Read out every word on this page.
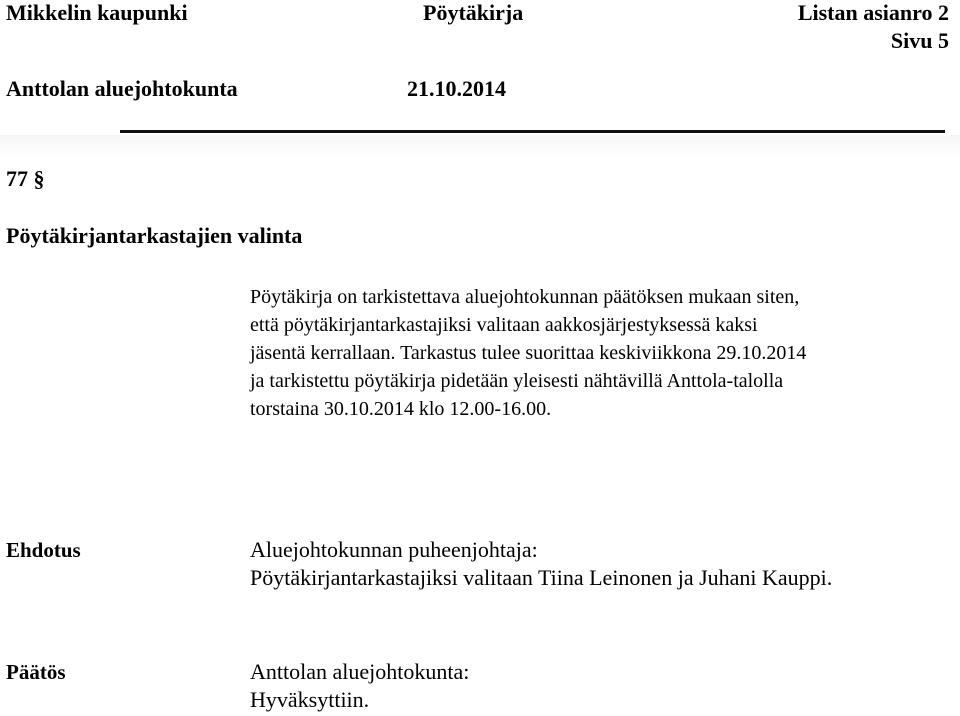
Mikkelin kaupunki	Pöytäkirja	Listan asianro 2
Sivu 5
Anttolan aluejohtokunta	21.10.2014
77 §
Pöytäkirjantarkastajien valinta
Pöytäkirja on tarkistettava aluejohtokunnan päätöksen mukaan siten,
että pöytäkirjantarkastajiksi valitaan aakkosjärjestyksessä kaksi
jäsentä kerrallaan. Tarkastus tulee suorittaa keskiviikkona 29.10.2014
ja tarkistettu pöytäkirja pidetään yleisesti nähtävillä Anttola-talolla
torstaina 30.10.2014 klo 12.00-16.00.
Ehdotus	Aluejohtokunnan puheenjohtaja:
Pöytäkirjantarkastajiksi valitaan Tiina Leinonen ja Juhani Kauppi.
Päätös	Anttolan aluejohtokunta:
Hyväksyttiin.
